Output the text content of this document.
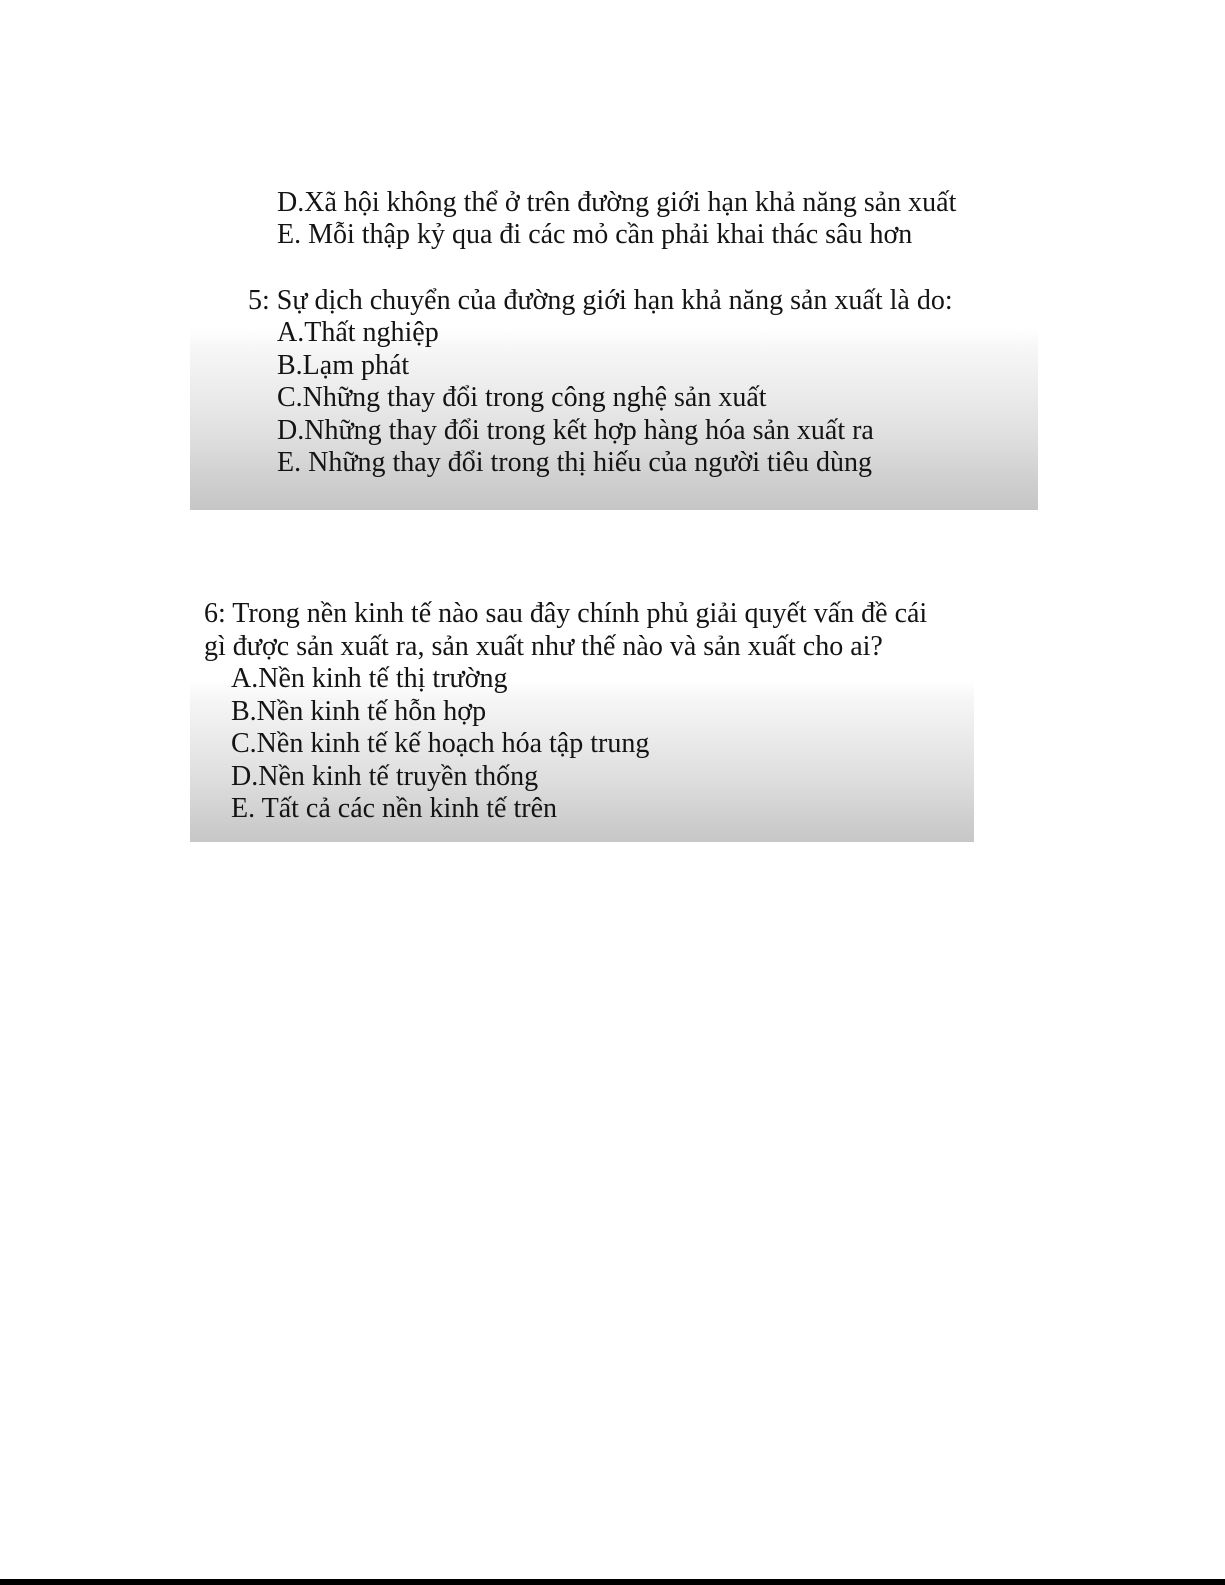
D.Xã hội không thể ở trên đường giới hạn khả năng sản xuất

E. Mỗi thập kỷ qua đi các mỏ cần phải khai thác sâu hơn

5: Sự dịch chuyển của đường giới hạn khả năng sản xuất là do:

A.Thất nghiệp

B.Lạm phát

C.Những thay đổi trong công nghệ sản xuất

D.Những thay đổi trong kết hợp hàng hóa sản xuất ra

E. Những thay đổi trong thị hiếu của người tiêu dùng

6: Trong nền kinh tế nào sau đây chính phủ giải quyết vấn đề cái

gì được sản xuất ra, sản xuất như thế nào và sản xuất cho ai?

A.Nền kinh tế thị trường

B.Nền kinh tế hỗn hợp

C.Nền kinh tế kế hoạch hóa tập trung

D.Nền kinh tế truyền thống

E. Tất cả các nền kinh tế trên
